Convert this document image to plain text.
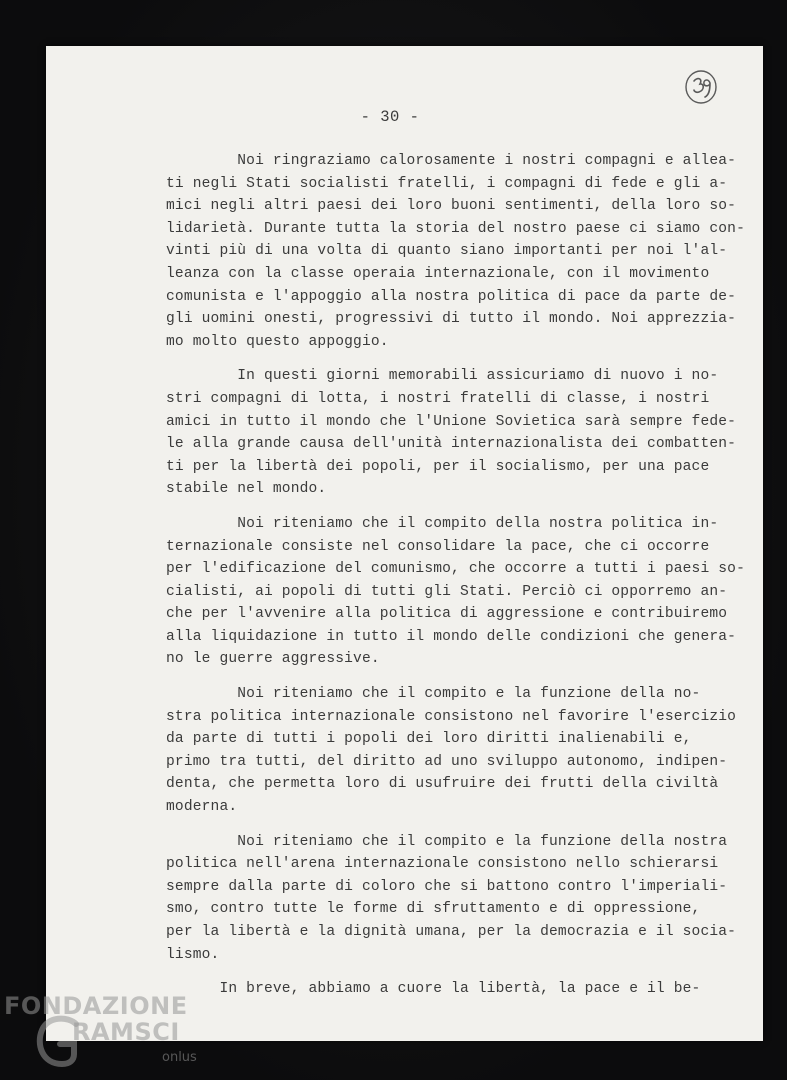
- 30 -

Noi ringraziamo calorosamente i nostri compagni e allea-
ti negli Stati socialisti fratelli, i compagni di fede e gli a-
mici negli altri paesi dei loro buoni sentimenti, della loro so-
lidarietà. Durante tutta la storia del nostro paese ci siamo con-
vinti più di una volta di quanto siano importanti per noi l'al-
leanza con la classe operaia internazionale, con il movimento
comunista e l'appoggio alla nostra politica di pace da parte de-
gli uomini onesti, progressivi di tutto il mondo. Noi apprezzia-
mo molto questo appoggio.

In questi giorni memorabili assicuriamo di nuovo i no-
stri compagni di lotta, i nostri fratelli di classe, i nostri
amici in tutto il mondo che l'Unione Sovietica sarà sempre fede-
le alla grande causa dell'unità internazionalista dei combatten-
ti per la libertà dei popoli, per il socialismo, per una pace
stabile nel mondo.

Noi riteniamo che il compito della nostra politica in-
ternazionale consiste nel consolidare la pace, che ci occorre
per l'edificazione del comunismo, che occorre a tutti i paesi so-
cialisti, ai popoli di tutti gli Stati. Perciò ci opporremo an-
che per l'avvenire alla politica di aggressione e contribuiremo
alla liquidazione in tutto il mondo delle condizioni che genera-
no le guerre aggressive.

Noi riteniamo che il compito e la funzione della no-
stra politica internazionale consistono nel favorire l'esercizio
da parte di tutti i popoli dei loro diritti inalienabili e,
primo tra tutti, del diritto ad uno sviluppo autonomo, indipen-
denta, che permetta loro di usufruire dei frutti della civiltà
moderna.

Noi riteniamo che il compito e la funzione della nostra
politica nell'arena internazionale consistono nello schierarsi
sempre dalla parte di coloro che si battono contro l'imperiali-
smo, contro tutte le forme di sfruttamento e di oppressione,
per la libertà e la dignità umana, per la democrazia e il socia-
lismo.

In breve, abbiamo a cuore la libertà, la pace e il be-

FONDAZIONE
RAMSCI
onlus
